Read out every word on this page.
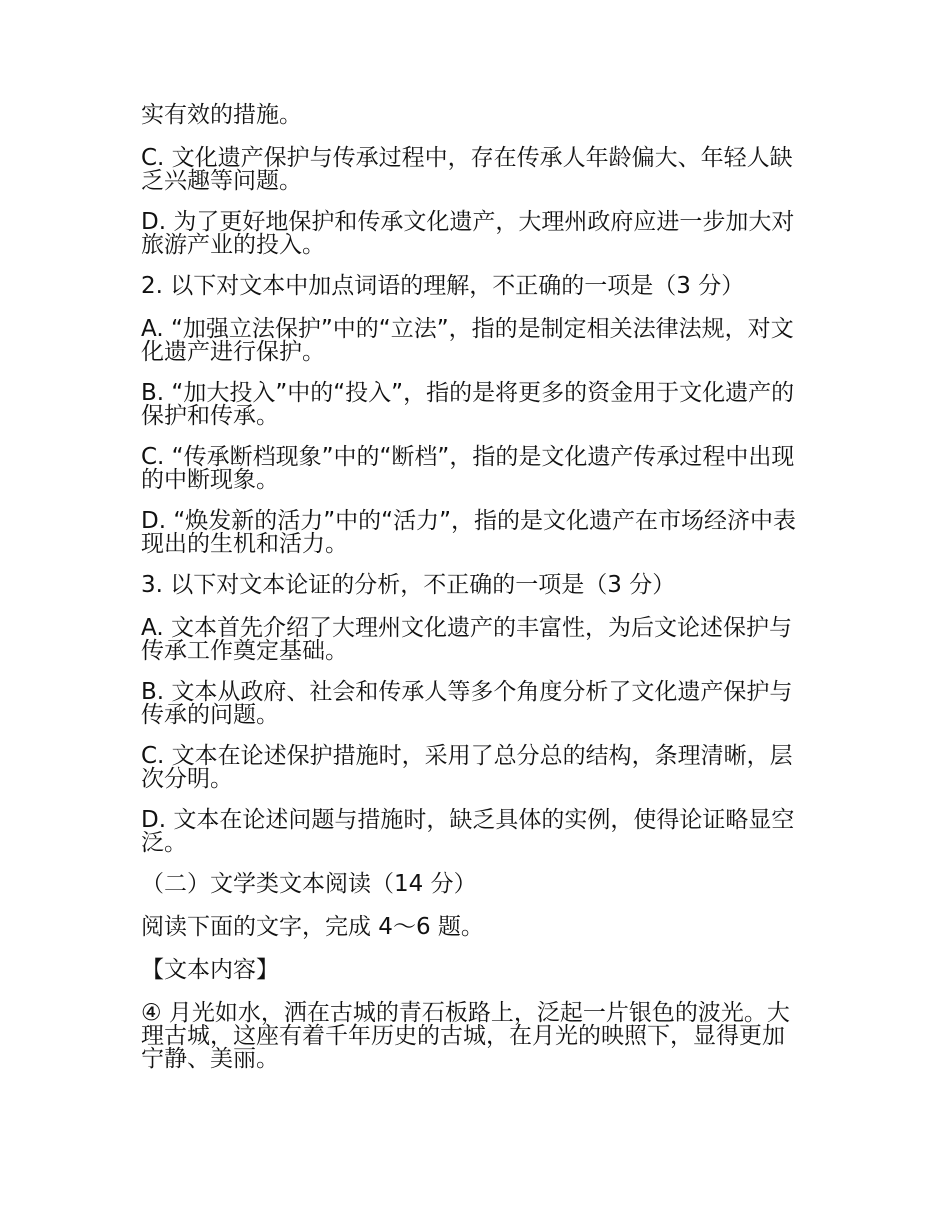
实有效的措施。

C. 文化遗产保护与传承过程中，存在传承人年龄偏大、年轻人缺乏兴趣等问题。

D. 为了更好地保护和传承文化遗产，大理州政府应进一步加大对旅游产业的投入。

2. 以下对文本中加点词语的理解，不正确的一项是（3 分）

A. “加强立法保护”中的“立法”，指的是制定相关法律法规，对文化遗产进行保护。

B. “加大投入”中的“投入”，指的是将更多的资金用于文化遗产的保护和传承。

C. “传承断档现象”中的“断档”，指的是文化遗产传承过程中出现的中断现象。

D. “焕发新的活力”中的“活力”，指的是文化遗产在市场经济中表现出的生机和活力。

3. 以下对文本论证的分析，不正确的一项是（3 分）

A. 文本首先介绍了大理州文化遗产的丰富性，为后文论述保护与传承工作奠定基础。

B. 文本从政府、社会和传承人等多个角度分析了文化遗产保护与传承的问题。

C. 文本在论述保护措施时，采用了总分总的结构，条理清晰，层次分明。

D. 文本在论述问题与措施时，缺乏具体的实例，使得论证略显空泛。

（二）文学类文本阅读（14 分）

阅读下面的文字，完成 4～6 题。

【文本内容】

④ 月光如水，洒在古城的青石板路上，泛起一片银色的波光。大理古城，这座有着千年历史的古城，在月光的映照下，显得更加宁静、美丽。
